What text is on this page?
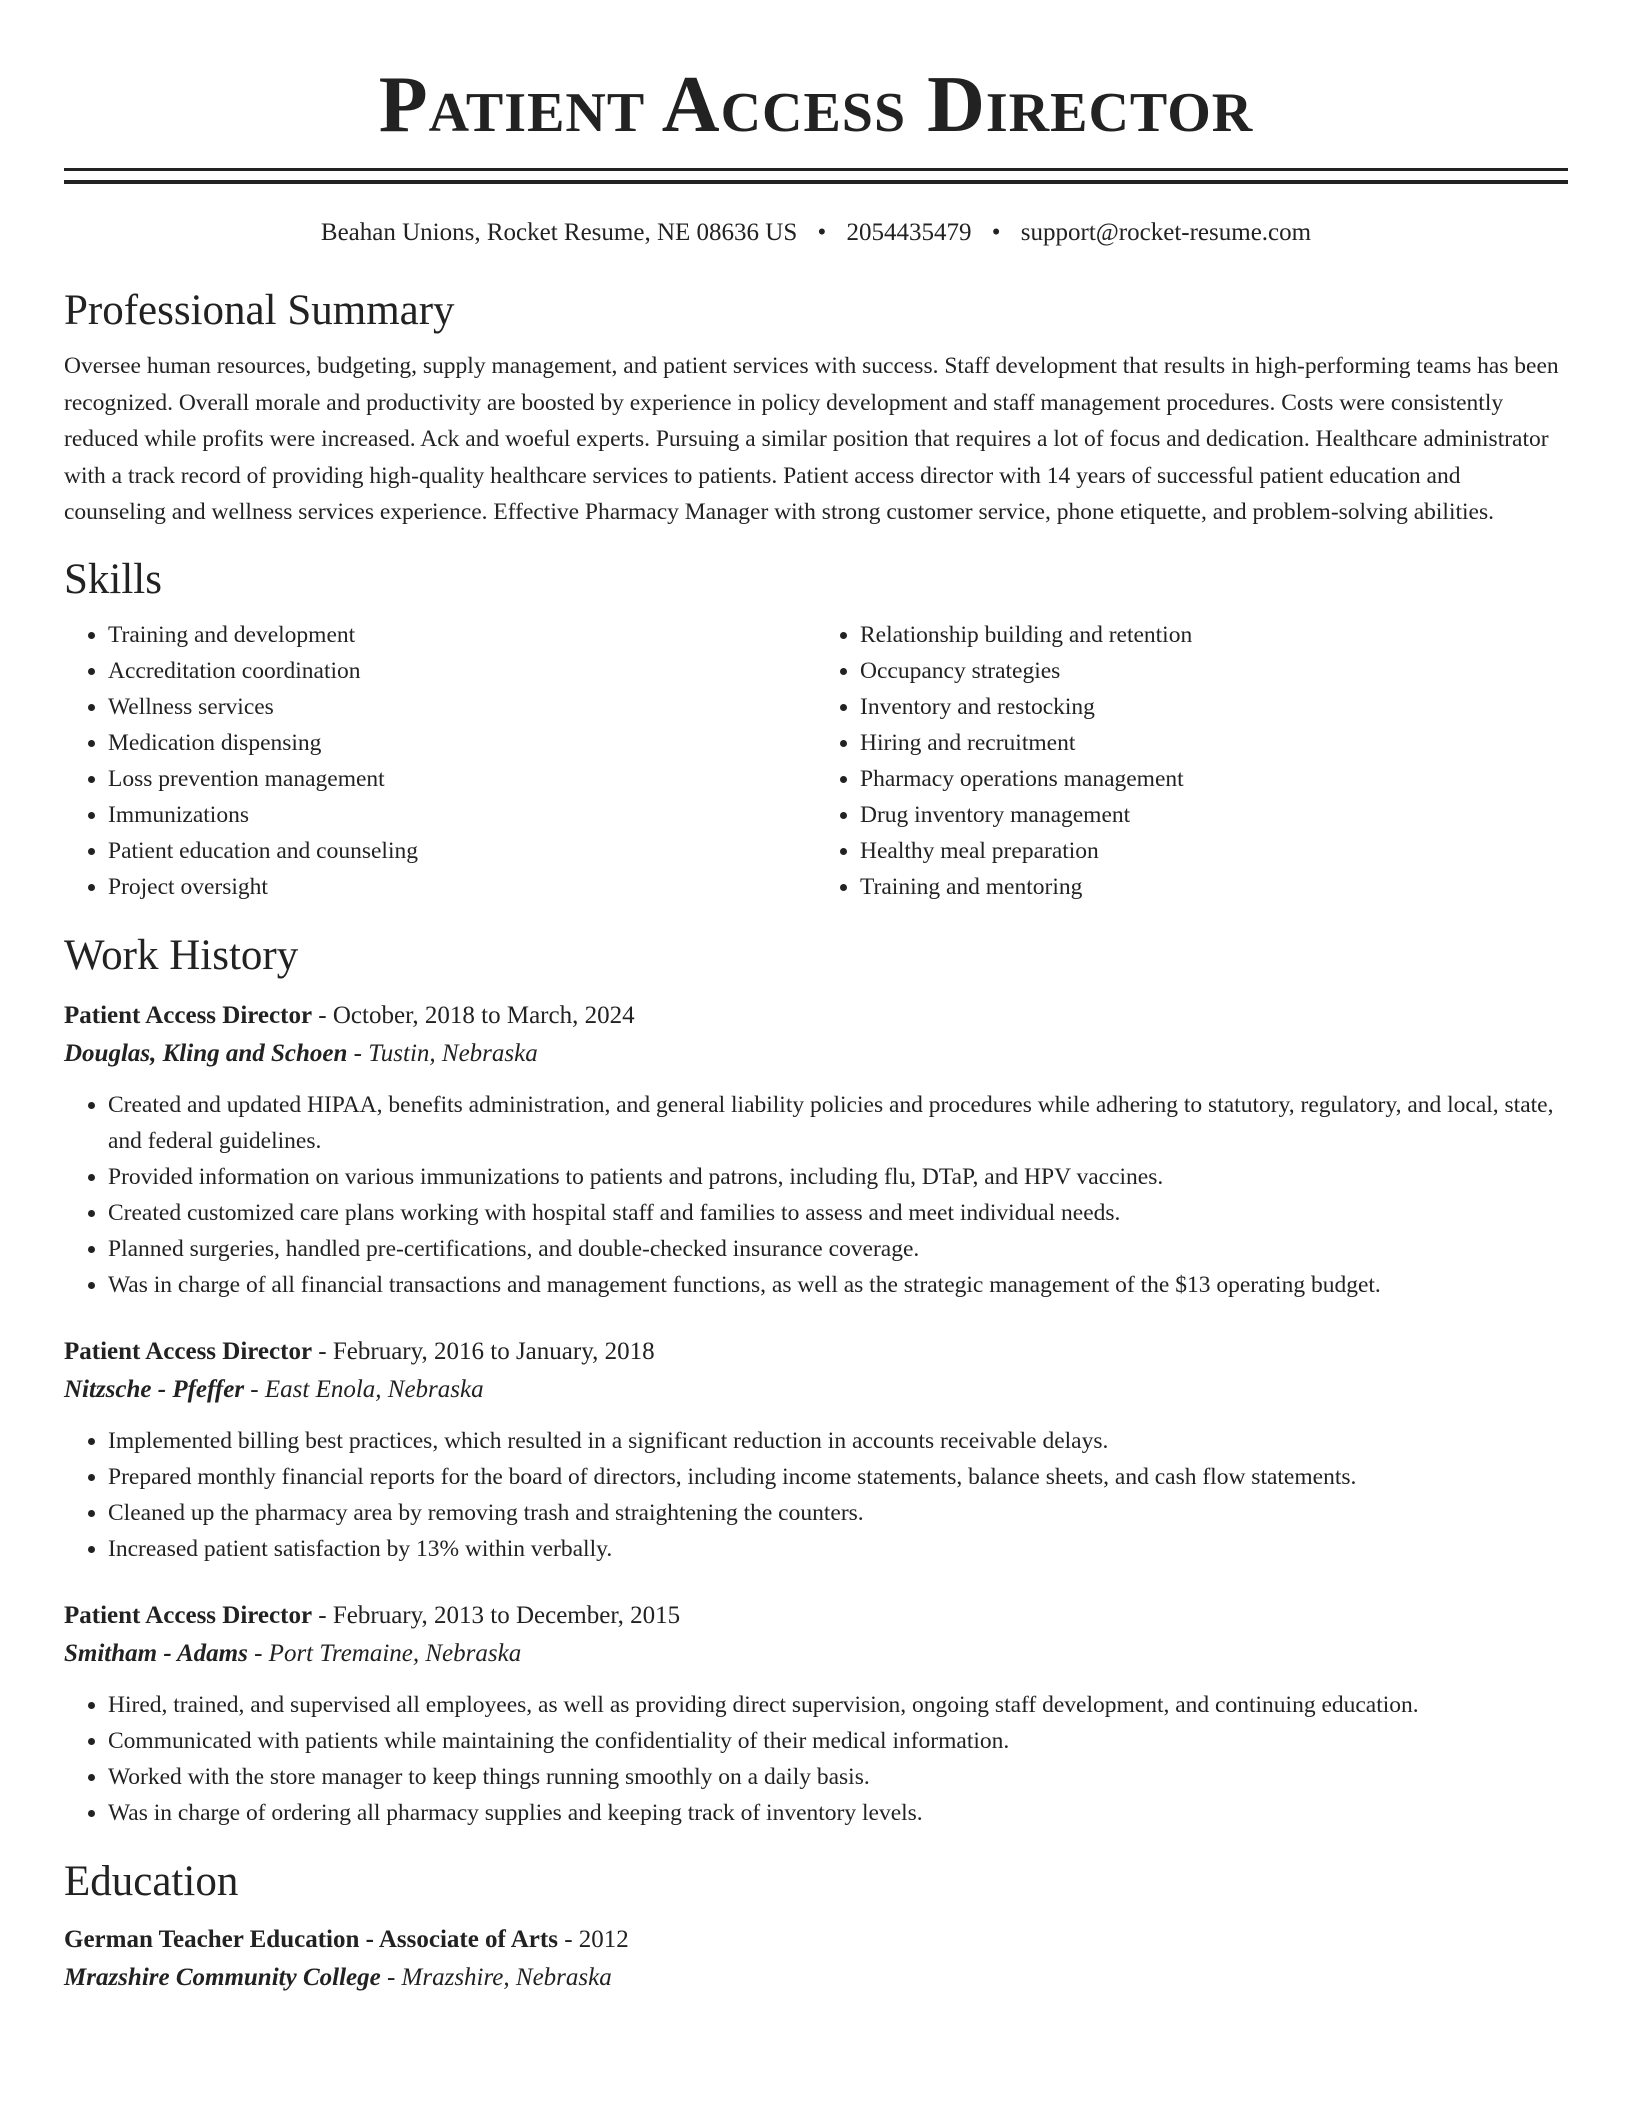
Patient Access Director
Beahan Unions, Rocket Resume, NE 08636 US • 2054435479 • support@rocket-resume.com
Professional Summary
Oversee human resources, budgeting, supply management, and patient services with success. Staff development that results in high-performing teams has been recognized. Overall morale and productivity are boosted by experience in policy development and staff management procedures. Costs were consistently reduced while profits were increased. Ack and woeful experts. Pursuing a similar position that requires a lot of focus and dedication. Healthcare administrator with a track record of providing high-quality healthcare services to patients. Patient access director with 14 years of successful patient education and counseling and wellness services experience. Effective Pharmacy Manager with strong customer service, phone etiquette, and problem-solving abilities.
Skills
• Training and development
• Accreditation coordination
• Wellness services
• Medication dispensing
• Loss prevention management
• Immunizations
• Patient education and counseling
• Project oversight
• Relationship building and retention
• Occupancy strategies
• Inventory and restocking
• Hiring and recruitment
• Pharmacy operations management
• Drug inventory management
• Healthy meal preparation
• Training and mentoring
Work History
Patient Access Director - October, 2018 to March, 2024
Douglas, Kling and Schoen - Tustin, Nebraska
• Created and updated HIPAA, benefits administration, and general liability policies and procedures while adhering to statutory, regulatory, and local, state, and federal guidelines.
• Provided information on various immunizations to patients and patrons, including flu, DTaP, and HPV vaccines.
• Created customized care plans working with hospital staff and families to assess and meet individual needs.
• Planned surgeries, handled pre-certifications, and double-checked insurance coverage.
• Was in charge of all financial transactions and management functions, as well as the strategic management of the $13 operating budget.
Patient Access Director - February, 2016 to January, 2018
Nitzsche - Pfeffer - East Enola, Nebraska
• Implemented billing best practices, which resulted in a significant reduction in accounts receivable delays.
• Prepared monthly financial reports for the board of directors, including income statements, balance sheets, and cash flow statements.
• Cleaned up the pharmacy area by removing trash and straightening the counters.
• Increased patient satisfaction by 13% within verbally.
Patient Access Director - February, 2013 to December, 2015
Smitham - Adams - Port Tremaine, Nebraska
• Hired, trained, and supervised all employees, as well as providing direct supervision, ongoing staff development, and continuing education.
• Communicated with patients while maintaining the confidentiality of their medical information.
• Worked with the store manager to keep things running smoothly on a daily basis.
• Was in charge of ordering all pharmacy supplies and keeping track of inventory levels.
Education
German Teacher Education - Associate of Arts - 2012
Mrazshire Community College - Mrazshire, Nebraska
